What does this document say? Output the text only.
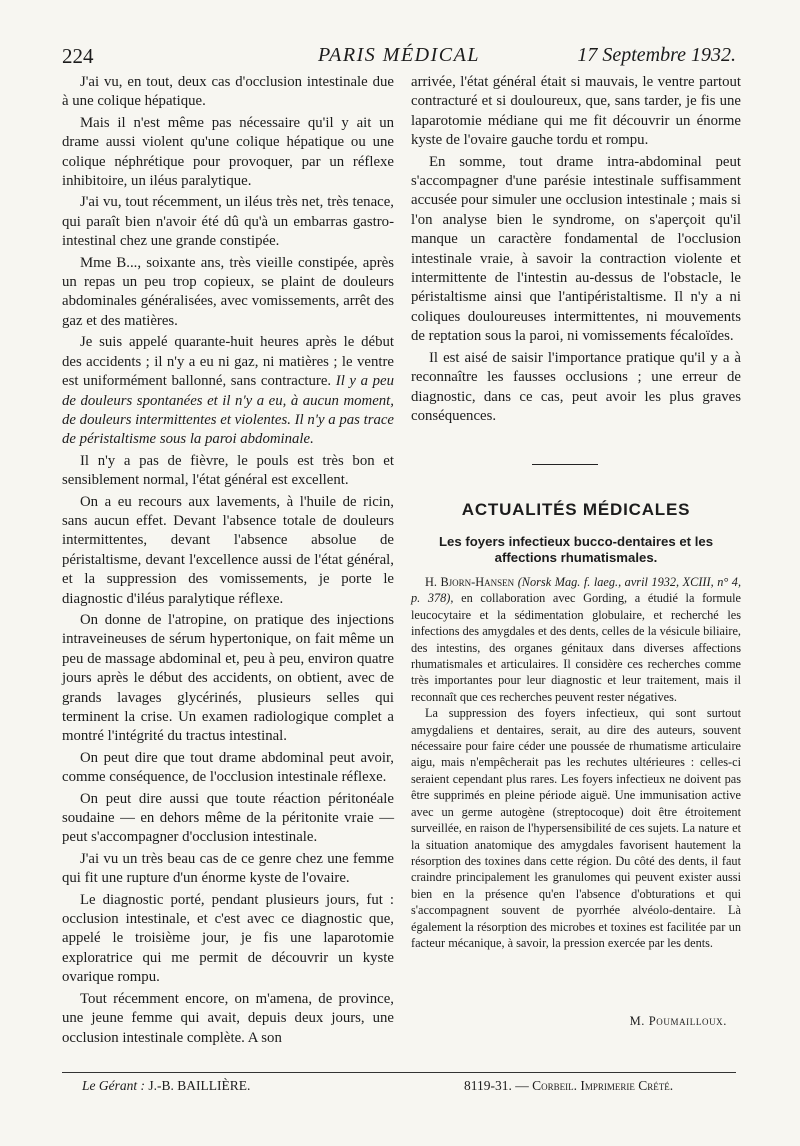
224	PARIS MÉDICAL	17 Septembre 1932.

J'ai vu, en tout, deux cas d'occlusion intestinale due à une colique hépatique.

Mais il n'est même pas nécessaire qu'il y ait un drame aussi violent qu'une colique hépatique ou une colique néphrétique pour provoquer, par un réflexe inhibitoire, un iléus paralytique.

J'ai vu, tout récemment, un iléus très net, très tenace, qui paraît bien n'avoir été dû qu'à un embarras gastro-intestinal chez une grande constipée.

Mme B..., soixante ans, très vieille constipée, après un repas un peu trop copieux, se plaint de douleurs abdominales généralisées, avec vomissements, arrêt des gaz et des matières.

Je suis appelé quarante-huit heures après le début des accidents ; il n'y a eu ni gaz, ni matières ; le ventre est uniformément ballonné, sans contracture. Il y a peu de douleurs spontanées et il n'y a eu, à aucun moment, de douleurs intermittentes et violentes. Il n'y a pas trace de péristaltisme sous la paroi abdominale.

Il n'y a pas de fièvre, le pouls est très bon et sensiblement normal, l'état général est excellent.

On a eu recours aux lavements, à l'huile de ricin, sans aucun effet. Devant l'absence totale de douleurs intermittentes, devant l'absence absolue de péristaltisme, devant l'excellence aussi de l'état général, et la suppression des vomissements, je porte le diagnostic d'iléus paralytique réflexe.

On donne de l'atropine, on pratique des injections intraveineuses de sérum hypertonique, on fait même un peu de massage abdominal et, peu à peu, environ quatre jours après le début des accidents, on obtient, avec de grands lavages glycérinés, plusieurs selles qui terminent la crise. Un examen radiologique complet a montré l'intégrité du tractus intestinal.

On peut dire que tout drame abdominal peut avoir, comme conséquence, de l'occlusion intestinale réflexe.

On peut dire aussi que toute réaction péritonéale soudaine — en dehors même de la péritonite vraie — peut s'accompagner d'occlusion intestinale.

J'ai vu un très beau cas de ce genre chez une femme qui fit une rupture d'un énorme kyste de l'ovaire.

Le diagnostic porté, pendant plusieurs jours, fut : occlusion intestinale, et c'est avec ce diagnostic que, appelé le troisième jour, je fis une laparotomie exploratrice qui me permit de découvrir un kyste ovarique rompu.

Tout récemment encore, on m'amena, de province, une jeune femme qui avait, depuis deux jours, une occlusion intestinale complète. A son

arrivée, l'état général était si mauvais, le ventre partout contracturé et si douloureux, que, sans tarder, je fis une laparotomie médiane qui me fit découvrir un énorme kyste de l'ovaire gauche tordu et rompu.

En somme, tout drame intra-abdominal peut s'accompagner d'une parésie intestinale suffisamment accusée pour simuler une occlusion intestinale ; mais si l'on analyse bien le syndrome, on s'aperçoit qu'il manque un caractère fondamental de l'occlusion intestinale vraie, à savoir la contraction violente et intermittente de l'intestin au-dessus de l'obstacle, le péristaltisme ainsi que l'antipéristaltisme. Il n'y a ni coliques douloureuses intermittentes, ni mouvements de reptation sous la paroi, ni vomissements fécaloïdes.

Il est aisé de saisir l'importance pratique qu'il y a à reconnaître les fausses occlusions ; une erreur de diagnostic, dans ce cas, peut avoir les plus graves conséquences.

ACTUALITÉS MÉDICALES
Les foyers infectieux bucco-dentaires et les affections rhumatismales.

H. Bjorn-Hansen (Norsk Mag. f. laeg., avril 1932, XCIII, n° 4, p. 378), en collaboration avec Gording, a étudié la formule leucocytaire et la sédimentation globulaire, et recherché les infections des amygdales et des dents, celles de la vésicule biliaire, des intestins, des organes génitaux dans diverses affections rhumatismales et articulaires. Il considère ces recherches comme très importantes pour leur diagnostic et leur traitement, mais il reconnaît que ces recherches peuvent rester négatives.

La suppression des foyers infectieux, qui sont surtout amygdaliens et dentaires, serait, au dire des auteurs, souvent nécessaire pour faire céder une poussée de rhumatisme articulaire aigu, mais n'empêcherait pas les rechutes ultérieures : celles-ci seraient cependant plus rares. Les foyers infectieux ne doivent pas être supprimés en pleine période aiguë. Une immunisation active avec un germe autogène (streptocoque) doit être étroitement surveillée, en raison de l'hypersensibilité de ces sujets. La nature et la situation anatomique des amygdales favorisent hautement la résorption des toxines dans cette région. Du côté des dents, il faut craindre principalement les granulomes qui peuvent exister aussi bien en la présence qu'en l'absence d'obturations et qui s'accompagnent souvent de pyorrhée alvéolo-dentaire. Là également la résorption des microbes et toxines est facilitée par un facteur mécanique, à savoir, la pression exercée par les dents.

M. Poumailloux.
Le Gérant : J.-B. BAILLIÈRE.	8119-31. — Corbeil. Imprimerie Crété.
